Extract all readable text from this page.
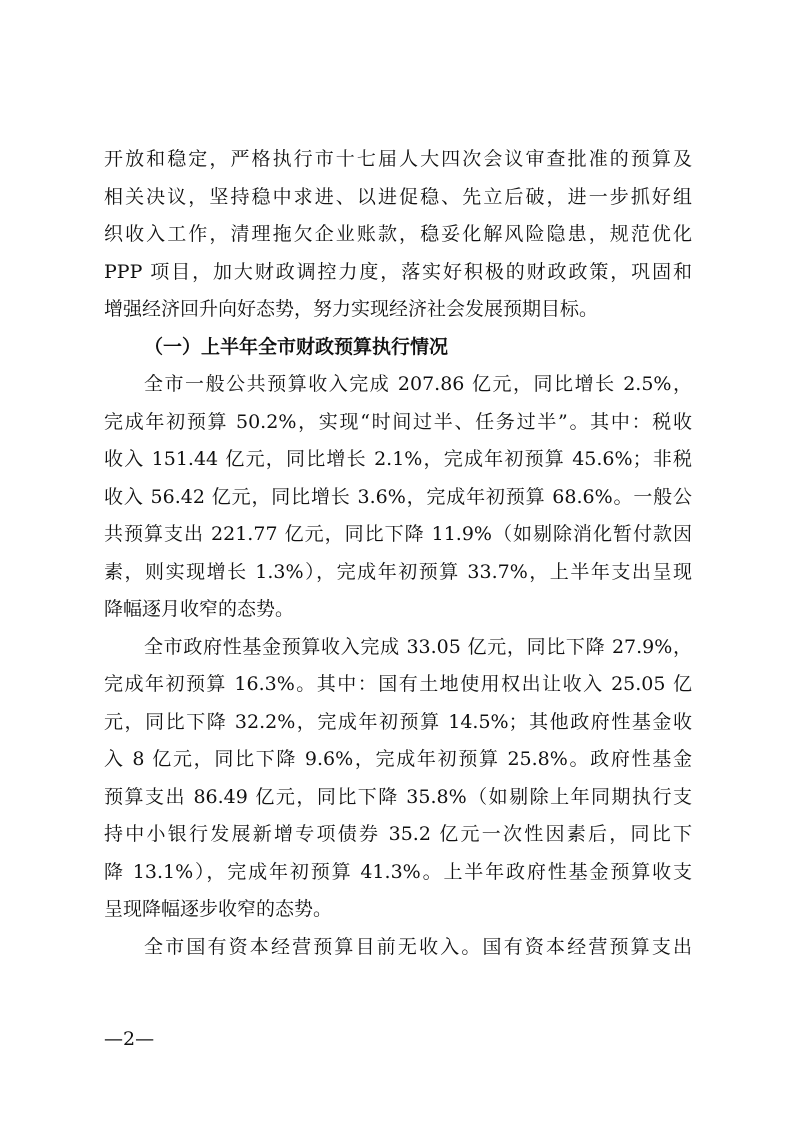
开放和稳定，严格执行市十七届人大四次会议审查批准的预算及
相关决议，坚持稳中求进、以进促稳、先立后破，进一步抓好组
织收入工作，清理拖欠企业账款，稳妥化解风险隐患，规范优化
PPP 项目，加大财政调控力度，落实好积极的财政政策，巩固和
增强经济回升向好态势，努力实现经济社会发展预期目标。
（一）上半年全市财政预算执行情况
全市一般公共预算收入完成 207.86 亿元，同比增长 2.5%，
完成年初预算 50.2%，实现“时间过半、任务过半”。其中：税收
收入 151.44 亿元，同比增长 2.1%，完成年初预算 45.6%；非税
收入 56.42 亿元，同比增长 3.6%，完成年初预算 68.6%。一般公
共预算支出 221.77 亿元，同比下降 11.9%（如剔除消化暂付款因
素，则实现增长 1.3%），完成年初预算 33.7%，上半年支出呈现
降幅逐月收窄的态势。
全市政府性基金预算收入完成 33.05 亿元，同比下降 27.9%，
完成年初预算 16.3%。其中：国有土地使用权出让收入 25.05 亿
元，同比下降 32.2%，完成年初预算 14.5%；其他政府性基金收
入 8 亿元，同比下降 9.6%，完成年初预算 25.8%。政府性基金
预算支出 86.49 亿元，同比下降 35.8%（如剔除上年同期执行支
持中小银行发展新增专项债券 35.2 亿元一次性因素后，同比下
降 13.1%），完成年初预算 41.3%。上半年政府性基金预算收支
呈现降幅逐步收窄的态势。
全市国有资本经营预算目前无收入。国有资本经营预算支出
—2—
